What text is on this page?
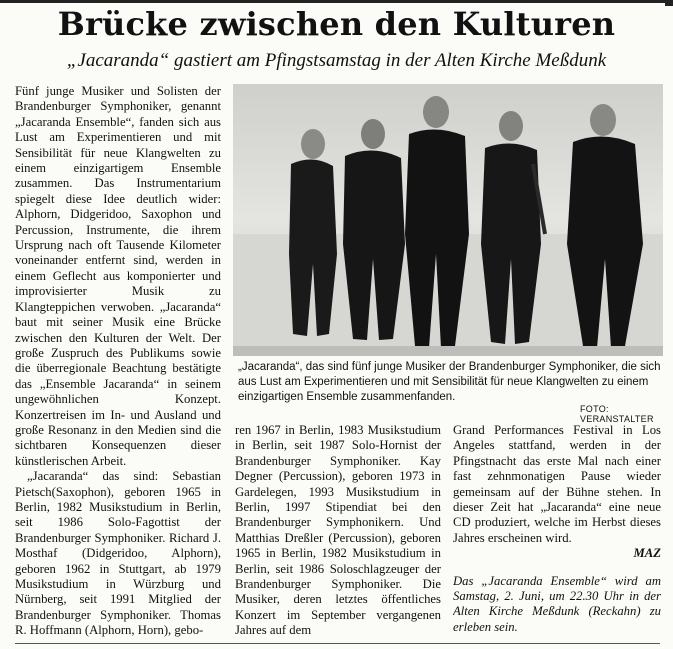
Brücke zwischen den Kulturen
„Jacaranda“ gastiert am Pfingstsamstag in der Alten Kirche Meßdunk

Fünf junge Musiker und Solisten der Brandenburger Symphoniker, genannt „Jacaranda Ensemble“, fanden sich aus Lust am Experimentieren und mit Sensibilität für neue Klangwelten zu einem einzigartigem Ensemble zusammen. Das Instrumentarium spiegelt diese Idee deutlich wider: Alphorn, Didgeridoo, Saxophon und Percussion, Instrumente, die ihrem Ursprung nach oft Tausende Kilometer voneinander entfernt sind, werden in einem Geflecht aus komponierter und improvisierter Musik zu Klangteppichen verwoben. „Jacaranda“ baut mit seiner Musik eine Brücke zwischen den Kulturen der Welt. Der große Zuspruch des Publikums sowie die überregionale Beachtung bestätigte das „Ensemble Jacaranda“ in seinem ungewöhnlichen Konzept. Konzertreisen im In- und Ausland und große Resonanz in den Medien sind die sichtbaren Konsequenzen dieser künstlerischen Arbeit.

„Jacaranda“ das sind: Sebastian Pietsch(Saxophon), geboren 1965 in Berlin, 1982 Musikstudium in Berlin, seit 1986 Solo-Fagottist der Brandenburger Symphoniker. Richard J. Mosthaf (Didgeridoo, Alphorn), geboren 1962 in Stuttgart, ab 1979 Musikstudium in Würzburg und Nürnberg, seit 1991 Mitglied der Brandenburger Symphoniker. Thomas R. Hoffmann (Alphorn, Horn), gebo-

„Jacaranda“, das sind fünf junge Musiker der Brandenburger Symphoniker, die sich aus Lust am Experimentieren und mit Sensibilität für neue Klangwelten zu einem einzigartigen Ensemble zusammenfanden.
FOTO: VERANSTALTER

ren 1967 in Berlin, 1983 Musikstudium in Berlin, seit 1987 Solo-Hornist der Brandenburger Symphoniker. Kay Degner (Percussion), geboren 1973 in Gardelegen, 1993 Musikstudium in Berlin, 1997 Stipendiat bei den Brandenburger Symphonikern. Und Matthias Dreßler (Percussion), geboren 1965 in Berlin, 1982 Musikstudium in Berlin, seit 1986 Soloschlagzeuger der Brandenburger Symphoniker. Die Musiker, deren letztes öffentliches Konzert im September vergangenen Jahres auf dem

Grand Performances Festival in Los Angeles stattfand, werden in der Pfingstnacht das erste Mal nach einer fast zehnmonatigen Pause wieder gemeinsam auf der Bühne stehen. In dieser Zeit hat „Jacaranda“ eine neue CD produziert, welche im Herbst dieses Jahres erscheinen wird.

MAZ

Das „Jacaranda Ensemble“ wird am Samstag, 2. Juni, um 22.30 Uhr in der Alten Kirche Meßdunk (Reckahn) zu erleben sein.
